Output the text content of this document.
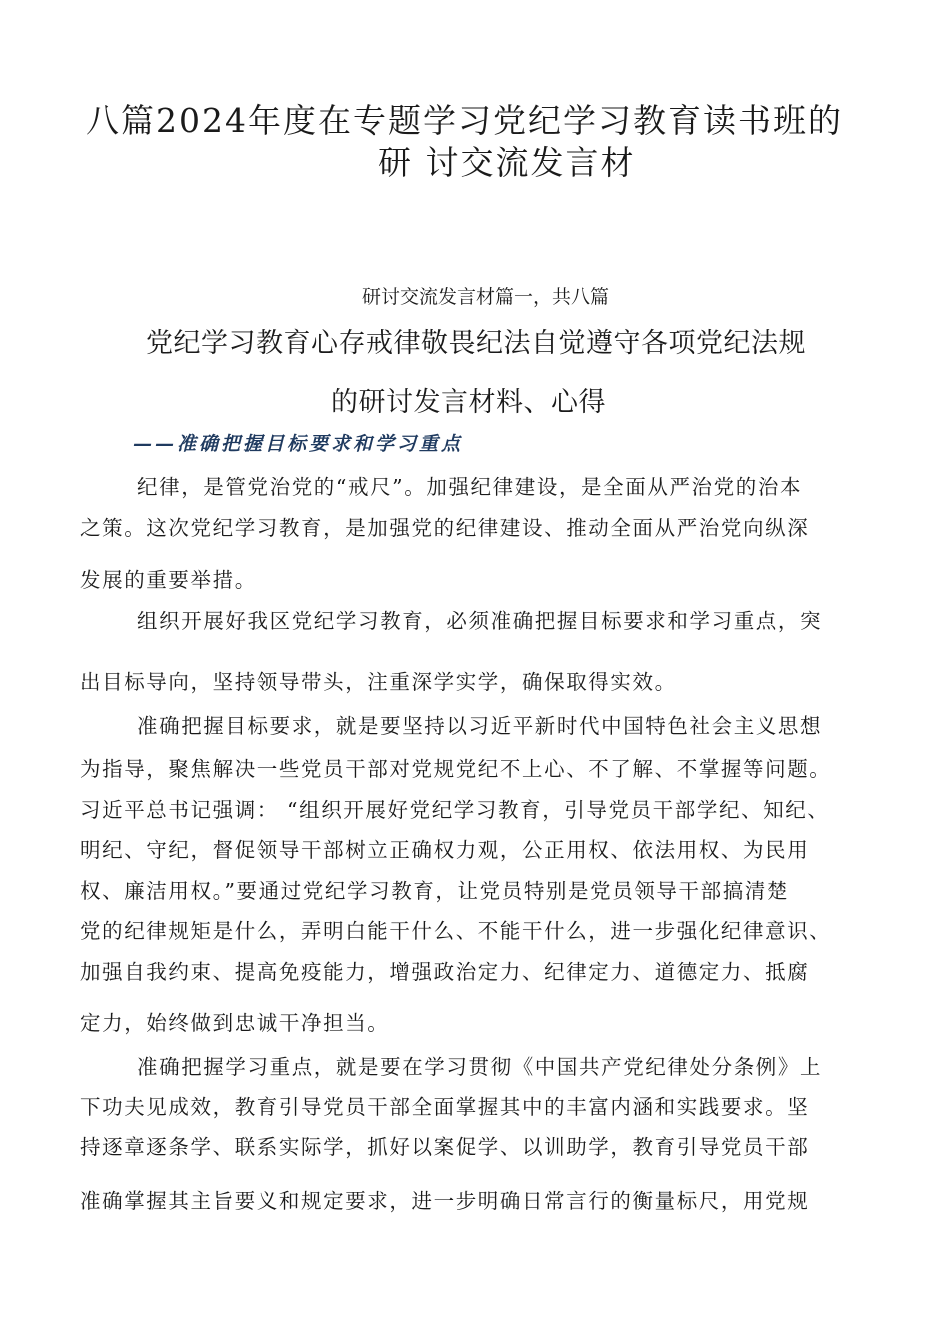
八篇2024年度在专题学习党纪学习教育读书班的
研 讨交流发言材
研讨交流发言材篇一，共八篇
党纪学习教育心存戒律敬畏纪法自觉遵守各项党纪法规
的研讨发言材料、心得
——准确把握目标要求和学习重点
纪律，是管党治党的“戒尺”。加强纪律建设，是全面从严治党的治本
之策。这次党纪学习教育，是加强党的纪律建设、推动全面从严治党向纵深
发展的重要举措。
组织开展好我区党纪学习教育，必须准确把握目标要求和学习重点，突
出目标导向，坚持领导带头，注重深学实学，确保取得实效。
准确把握目标要求，就是要坚持以习近平新时代中国特色社会主义思想
为指导，聚焦解决一些党员干部对党规党纪不上心、不了解、不掌握等问题。
习近平总书记强调： “组织开展好党纪学习教育，引导党员干部学纪、知纪、
明纪、守纪，督促领导干部树立正确权力观，公正用权、依法用权、为民用
权、廉洁用权。”要通过党纪学习教育，让党员特别是党员领导干部搞清楚
党的纪律规矩是什么，弄明白能干什么、不能干什么，进一步强化纪律意识、
加强自我约束、提高免疫能力，增强政治定力、纪律定力、道德定力、抵腐
定力，始终做到忠诚干净担当。
准确把握学习重点，就是要在学习贯彻《中国共产党纪律处分条例》上
下功夫见成效，教育引导党员干部全面掌握其中的丰富内涵和实践要求。坚
持逐章逐条学、联系实际学，抓好以案促学、以训助学，教育引导党员干部
准确掌握其主旨要义和规定要求，进一步明确日常言行的衡量标尺，用党规
